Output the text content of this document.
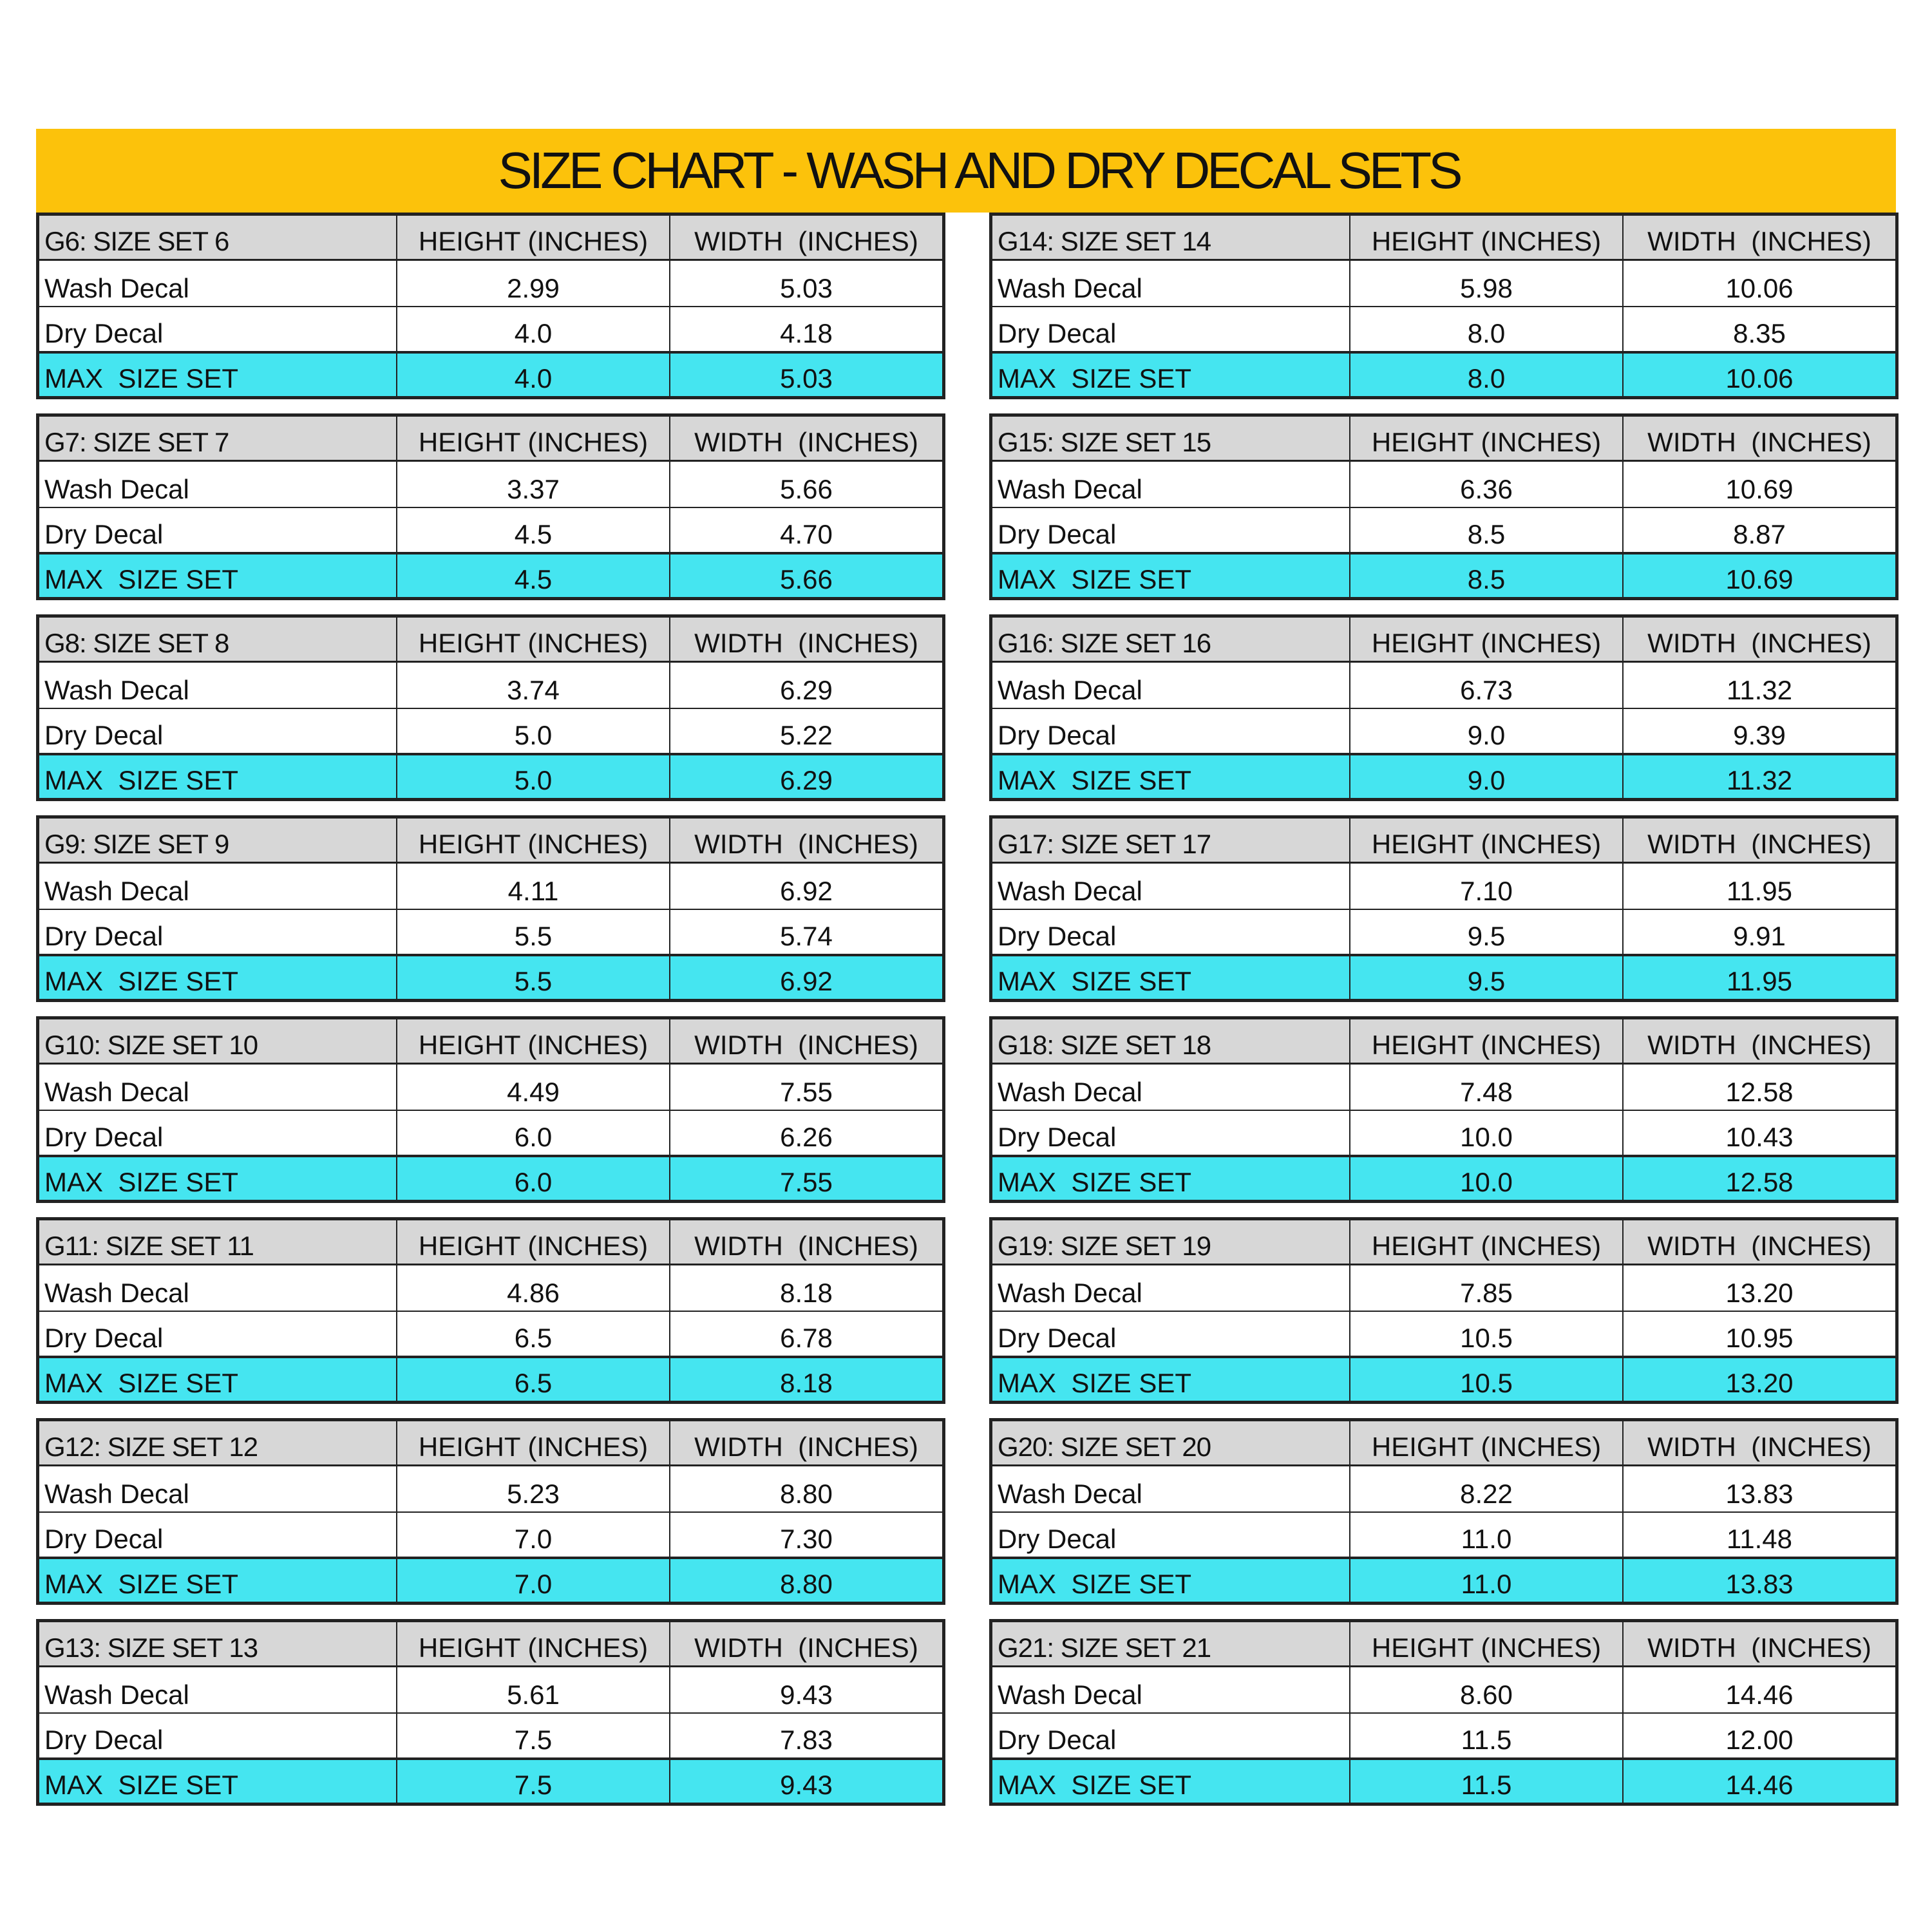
SIZE CHART - WASH AND DRY DECAL SETS
G6: SIZE SET 6	HEIGHT (INCHES)	WIDTH  (INCHES)
Wash Decal	2.99	5.03
Dry Decal	4.0	4.18
MAX  SIZE SET	4.0	5.03
G7: SIZE SET 7	HEIGHT (INCHES)	WIDTH  (INCHES)
Wash Decal	3.37	5.66
Dry Decal	4.5	4.70
MAX  SIZE SET	4.5	5.66
G8: SIZE SET 8	HEIGHT (INCHES)	WIDTH  (INCHES)
Wash Decal	3.74	6.29
Dry Decal	5.0	5.22
MAX  SIZE SET	5.0	6.29
G9: SIZE SET 9	HEIGHT (INCHES)	WIDTH  (INCHES)
Wash Decal	4.11	6.92
Dry Decal	5.5	5.74
MAX  SIZE SET	5.5	6.92
G10: SIZE SET 10	HEIGHT (INCHES)	WIDTH  (INCHES)
Wash Decal	4.49	7.55
Dry Decal	6.0	6.26
MAX  SIZE SET	6.0	7.55
G11: SIZE SET 11	HEIGHT (INCHES)	WIDTH  (INCHES)
Wash Decal	4.86	8.18
Dry Decal	6.5	6.78
MAX  SIZE SET	6.5	8.18
G12: SIZE SET 12	HEIGHT (INCHES)	WIDTH  (INCHES)
Wash Decal	5.23	8.80
Dry Decal	7.0	7.30
MAX  SIZE SET	7.0	8.80
G13: SIZE SET 13	HEIGHT (INCHES)	WIDTH  (INCHES)
Wash Decal	5.61	9.43
Dry Decal	7.5	7.83
MAX  SIZE SET	7.5	9.43
G14: SIZE SET 14	HEIGHT (INCHES)	WIDTH  (INCHES)
Wash Decal	5.98	10.06
Dry Decal	8.0	8.35
MAX  SIZE SET	8.0	10.06
G15: SIZE SET 15	HEIGHT (INCHES)	WIDTH  (INCHES)
Wash Decal	6.36	10.69
Dry Decal	8.5	8.87
MAX  SIZE SET	8.5	10.69
G16: SIZE SET 16	HEIGHT (INCHES)	WIDTH  (INCHES)
Wash Decal	6.73	11.32
Dry Decal	9.0	9.39
MAX  SIZE SET	9.0	11.32
G17: SIZE SET 17	HEIGHT (INCHES)	WIDTH  (INCHES)
Wash Decal	7.10	11.95
Dry Decal	9.5	9.91
MAX  SIZE SET	9.5	11.95
G18: SIZE SET 18	HEIGHT (INCHES)	WIDTH  (INCHES)
Wash Decal	7.48	12.58
Dry Decal	10.0	10.43
MAX  SIZE SET	10.0	12.58
G19: SIZE SET 19	HEIGHT (INCHES)	WIDTH  (INCHES)
Wash Decal	7.85	13.20
Dry Decal	10.5	10.95
MAX  SIZE SET	10.5	13.20
G20: SIZE SET 20	HEIGHT (INCHES)	WIDTH  (INCHES)
Wash Decal	8.22	13.83
Dry Decal	11.0	11.48
MAX  SIZE SET	11.0	13.83
G21: SIZE SET 21	HEIGHT (INCHES)	WIDTH  (INCHES)
Wash Decal	8.60	14.46
Dry Decal	11.5	12.00
MAX  SIZE SET	11.5	14.46
